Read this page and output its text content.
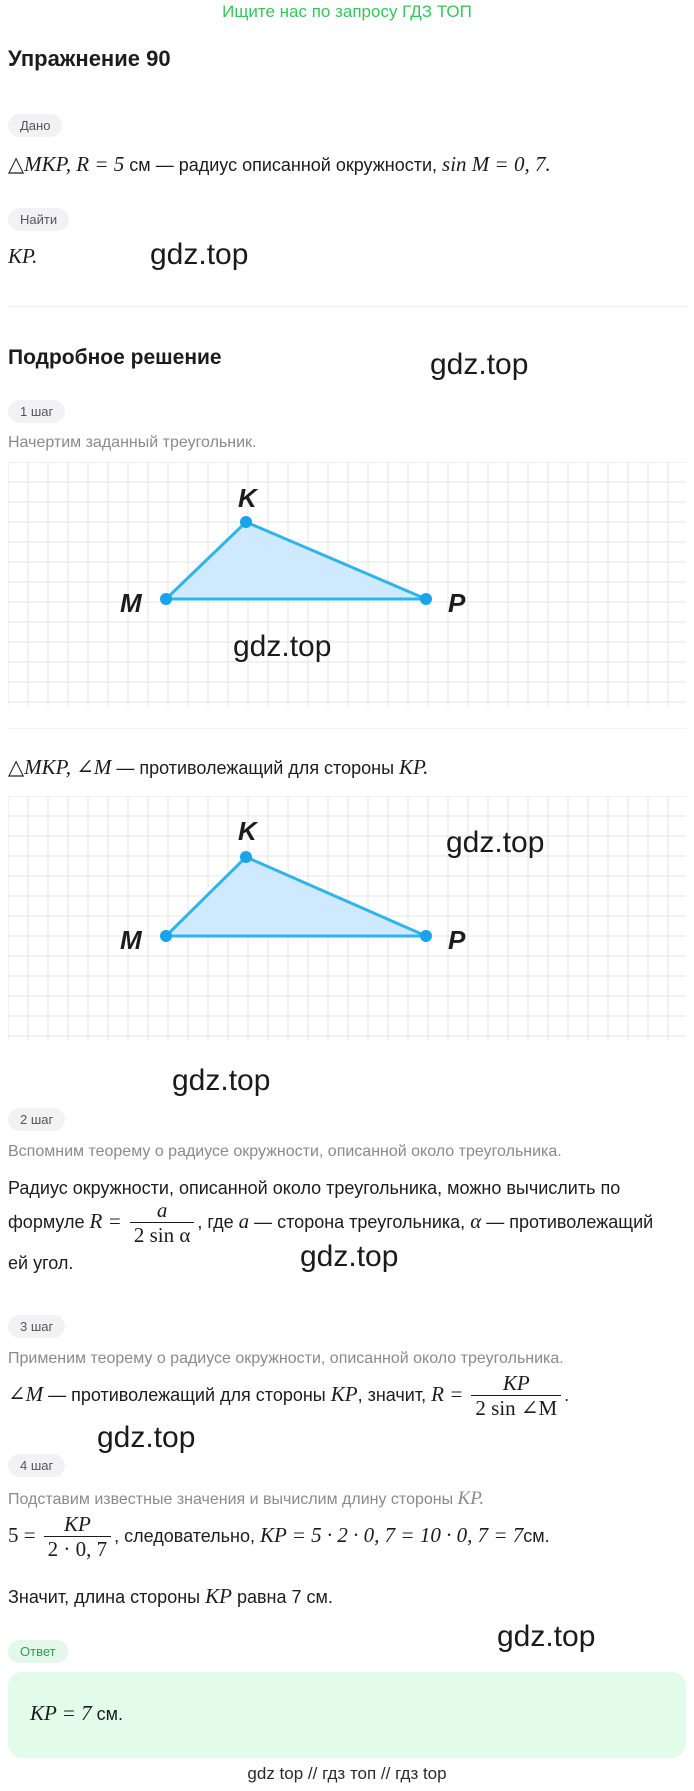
Ищите нас по запросу ГДЗ ТОП
Упражнение 90
Дано
△MKP, R = 5 см — радиус описанной окружности, sin M = 0, 7.
Найти
KP.	gdz.top
Подробное решение	gdz.top
1 шаг
Начертим заданный треугольник.
K
M	P
gdz.top
△MKP, ∠M — противолежащий для стороны KP.
K
M	P
gdz.top
gdz.top
2 шаг
Вспомним теорему о радиусе окружности, описанной около треугольника.
Радиус окружности, описанной около треугольника, можно вычислить по
формуле $R = \frac{a}{\text{2 sin α}}$ , где a — сторона треугольника, α — противолежащий
ей угол.	gdz.top
3 шаг
Применим теорему о радиусе окружности, описанной около треугольника.
∠M — противолежащий для стороны KP, значит, $R = \frac{KP}{2 \sin \angle M}$ .
gdz.top
4 шаг
Подставим известные значения и вычислим длину стороны KP.
$5 = \frac{KP}{2 \cdot 0, 7}$ , следовательно, KP = 5 · 2 · 0, 7 = 10 · 0, 7 = 7см.
Значит, длина стороны KP равна 7 см.
gdz.top
Ответ
KP = 7 см.
gdz top // гдз топ // гдз top
